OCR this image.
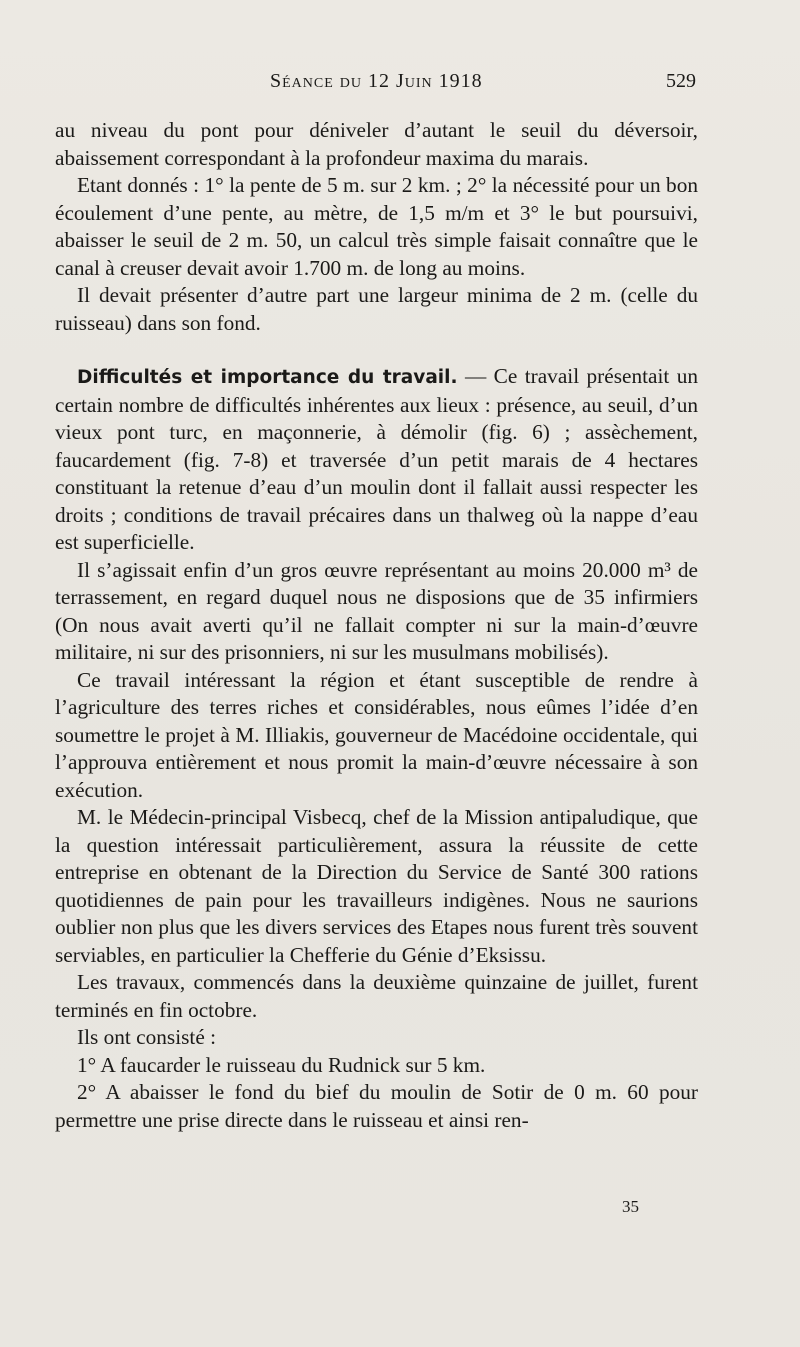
Séance du 12 Juin 1918	529

au niveau du pont pour déniveler d’autant le seuil du déversoir, abaissement correspondant à la profondeur maxima du marais.

Etant donnés : 1° la pente de 5 m. sur 2 km. ; 2° la nécessité pour un bon écoulement d’une pente, au mètre, de 1,5 m/m et 3° le but poursuivi, abaisser le seuil de 2 m. 50, un calcul très simple faisait connaître que le canal à creuser devait avoir 1.700 m. de long au moins.

Il devait présenter d’autre part une largeur minima de 2 m. (celle du ruisseau) dans son fond.

Difficultés et importance du travail. — Ce travail présentait un certain nombre de difficultés inhérentes aux lieux : présence, au seuil, d’un vieux pont turc, en maçonnerie, à démolir (fig. 6) ; assèchement, faucardement (fig. 7-8) et traversée d’un petit marais de 4 hectares constituant la retenue d’eau d’un moulin dont il fallait aussi respecter les droits ; conditions de travail précaires dans un thalweg où la nappe d’eau est superficielle.

Il s’agissait enfin d’un gros œuvre représentant au moins 20.000 m³ de terrassement, en regard duquel nous ne disposions que de 35 infirmiers (On nous avait averti qu’il ne fallait compter ni sur la main-d’œuvre militaire, ni sur des prisonniers, ni sur les musulmans mobilisés).

Ce travail intéressant la région et étant susceptible de rendre à l’agriculture des terres riches et considérables, nous eûmes l’idée d’en soumettre le projet à M. Illiakis, gouverneur de Macédoine occidentale, qui l’approuva entièrement et nous promit la main-d’œuvre nécessaire à son exécution.

M. le Médecin-principal Visbecq, chef de la Mission antipaludique, que la question intéressait particulièrement, assura la réussite de cette entreprise en obtenant de la Direction du Service de Santé 300 rations quotidiennes de pain pour les travailleurs indigènes. Nous ne saurions oublier non plus que les divers services des Etapes nous furent très souvent serviables, en particulier la Chefferie du Génie d’Eksissu.

Les travaux, commencés dans la deuxième quinzaine de juillet, furent terminés en fin octobre.

Ils ont consisté :

1° A faucarder le ruisseau du Rudnick sur 5 km.

2° A abaisser le fond du bief du moulin de Sotir de 0 m. 60 pour permettre une prise directe dans le ruisseau et ainsi ren-

35
